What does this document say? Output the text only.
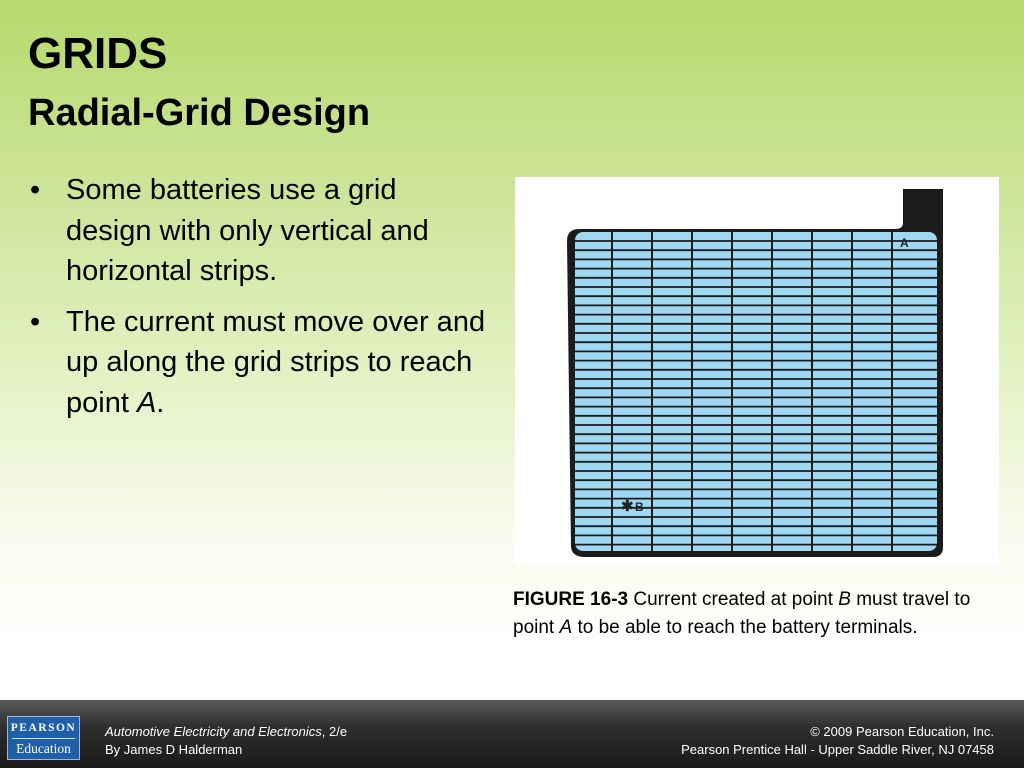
GRIDS
Radial-Grid Design
• Some batteries use a grid design with only vertical and horizontal strips.
• The current must move over and up along the grid strips to reach point A.
A
B
✱
FIGURE 16-3 Current created at point B must travel to point A to be able to reach the battery terminals.
PEARSON
Education
Automotive Electricity and Electronics, 2/e
By James D Halderman
© 2009 Pearson Education, Inc.
Pearson Prentice Hall - Upper Saddle River, NJ 07458
